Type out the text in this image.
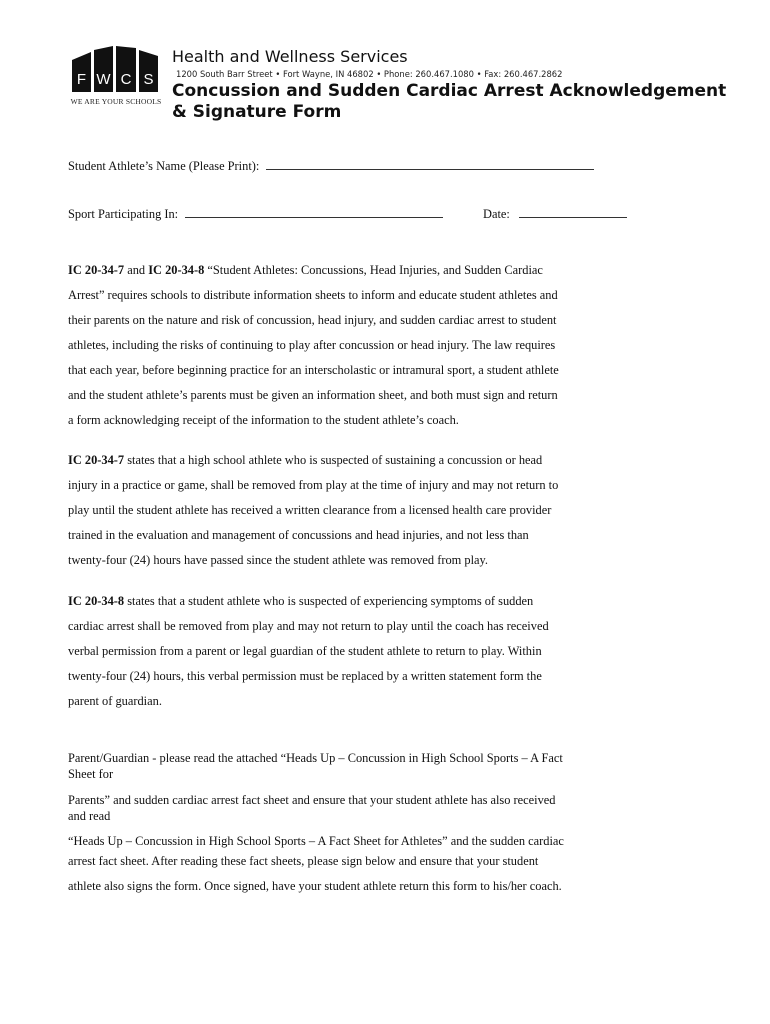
F W C S
WE ARE YOUR SCHOOLS
Health and Wellness Services
1200 South Barr Street • Fort Wayne, IN 46802 • Phone: 260.467.1080 • Fax: 260.467.2862
Concussion and Sudden Cardiac Arrest Acknowledgement
& Signature Form
Student Athlete’s Name (Please Print):
Sport Participating In:	Date:
IC 20-34-7 and IC 20-34-8 “Student Athletes: Concussions, Head Injuries, and Sudden Cardiac
Arrest” requires schools to distribute information sheets to inform and educate student athletes and
their parents on the nature and risk of concussion, head injury, and sudden cardiac arrest to student
athletes, including the risks of continuing to play after concussion or head injury. The law requires
that each year, before beginning practice for an interscholastic or intramural sport, a student athlete
and the student athlete’s parents must be given an information sheet, and both must sign and return
a form acknowledging receipt of the information to the student athlete’s coach.
IC 20-34-7 states that a high school athlete who is suspected of sustaining a concussion or head
injury in a practice or game, shall be removed from play at the time of injury and may not return to
play until the student athlete has received a written clearance from a licensed health care provider
trained in the evaluation and management of concussions and head injuries, and not less than
twenty-four (24) hours have passed since the student athlete was removed from play.
IC 20-34-8 states that a student athlete who is suspected of experiencing symptoms of sudden
cardiac arrest shall be removed from play and may not return to play until the coach has received
verbal permission from a parent or legal guardian of the student athlete to return to play. Within
twenty-four (24) hours, this verbal permission must be replaced by a written statement form the
parent of guardian.
Parent/Guardian - please read the attached “Heads Up – Concussion in High School Sports – A Fact
Sheet for
Parents” and sudden cardiac arrest fact sheet and ensure that your student athlete has also received
and read
“Heads Up – Concussion in High School Sports – A Fact Sheet for Athletes” and the sudden cardiac
arrest fact sheet. After reading these fact sheets, please sign below and ensure that your student
athlete also signs the form. Once signed, have your student athlete return this form to his/her coach.
